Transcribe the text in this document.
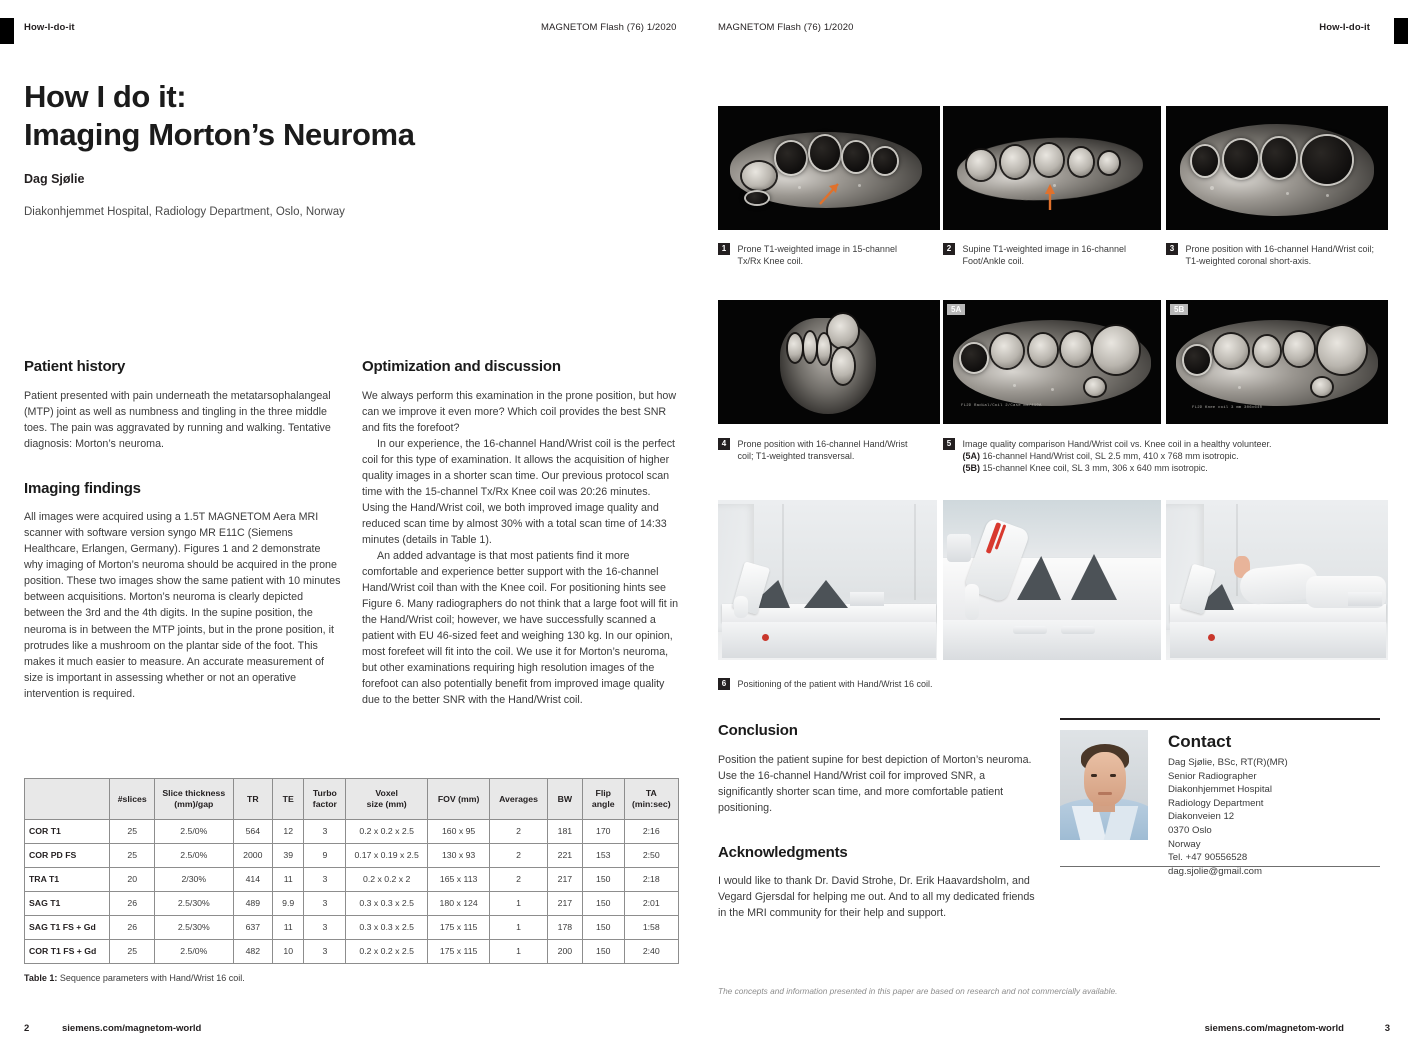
How-I-do-it	MAGNETOM Flash (76) 1/2020
How I do it:
Imaging Morton’s Neuroma
Dag Sjølie
Diakonhjemmet Hospital, Radiology Department, Oslo, Norway
Patient history

Patient presented with pain underneath the metatarsophalangeal (MTP) joint as well as numbness and tingling in the three middle toes. The pain was aggravated by running and walking. Tentative diagnosis: Morton’s neuroma.

Imaging findings

All images were acquired using a 1.5T MAGNETOM Aera MRI scanner with software version syngo MR E11C (Siemens Healthcare, Erlangen, Germany). Figures 1 and 2 demonstrate why imaging of Morton’s neuroma should be acquired in the prone position. These two images show the same patient with 10 minutes between acquisitions. Morton’s neuroma is clearly depicted between the 3rd and the 4th digits. In the supine position, the neuroma is in between the MTP joints, but in the prone position, it protrudes like a mushroom on the plantar side of the foot. This makes it much easier to measure. An accurate measurement of size is important in assessing whether or not an operative intervention is required.

Optimization and discussion

We always perform this examination in the prone position, but how can we improve it even more? Which coil provides the best SNR and fits the forefoot?

In our experience, the 16-channel Hand/Wrist coil is the perfect coil for this type of examination. It allows the acquisition of higher quality images in a shorter scan time. Our previous protocol scan time with the 15-channel Tx/Rx Knee coil was 20:26 minutes. Using the Hand/Wrist coil, we both improved image quality and reduced scan time by almost 30% with a total scan time of 14:33 minutes (details in Table 1).

An added advantage is that most patients find it more comfortable and experience better support with the 16-channel Hand/Wrist coil than with the Knee coil. For positioning hints see Figure 6. Many radiographers do not think that a large foot will fit in the Hand/Wrist coil; however, we have successfully scanned a patient with EU 46-sized feet and weighing 130 kg. In our opinion, most forefeet will fit into the coil. We use it for Morton’s neuroma, but other examinations requiring high resolution images of the forefoot can also potentially benefit from improved image quality due to the better SNR with the Hand/Wrist coil.

	#slices	Slice thickness
(mm)/gap	TR	TE	Turbo
factor	Voxel
size (mm)	FOV (mm)	Averages	BW	Flip
angle	TA
(min:sec)
COR T1	25	2.5/0%	564	12	3	0.2 x 0.2 x 2.5	160 x 95	2	181	170	2:16
COR PD FS	25	2.5/0%	2000	39	9	0.17 x 0.19 x 2.5	130 x 93	2	221	153	2:50
TRA T1	20	2/30%	414	11	3	0.2 x 0.2 x 2	165 x 113	2	217	150	2:18
SAG T1	26	2.5/30%	489	9.9	3	0.3 x 0.3 x 2.5	180 x 124	1	217	150	2:01
SAG T1 FS + Gd	26	2.5/30%	637	11	3	0.3 x 0.3 x 2.5	175 x 115	1	178	150	1:58
COR T1 FS + Gd	25	2.5/0%	482	10	3	0.2 x 0.2 x 2.5	175 x 115	1	200	150	2:40
Table 1: Sequence parameters with Hand/Wrist 16 coil.
2	siemens.com/magnetom-world
MAGNETOM Flash (76) 1/2020	How-I-do-it
1 Prone T1-weighted image in 15-channel Tx/Rx Knee coil.
2 Supine T1-weighted image in 16-channel Foot/Ankle coil.
3 Prone position with 16-channel Hand/Wrist coil; T1-weighted coronal short-axis.
4 Prone position with 16-channel Hand/Wrist coil; T1-weighted transversal.
FL2D Radial/Coil 2/Case mm/410A
5A
FL2D Knee coil 3 mm 306x640
5B
5 Image quality comparison Hand/Wrist coil vs. Knee coil in a healthy volunteer.
(5A) 16-channel Hand/Wrist coil, SL 2.5 mm, 410 x 768 mm isotropic.
(5B) 15-channel Knee coil, SL 3 mm, 306 x 640 mm isotropic.
6 Positioning of the patient with Hand/Wrist 16 coil.
Conclusion

Position the patient supine for best depiction of Morton’s neuroma. Use the 16-channel Hand/Wrist coil for improved SNR, a significantly shorter scan time, and more comfortable patient positioning.

Acknowledgments

I would like to thank Dr. David Strohe, Dr. Erik Haavardsholm, and Vegard Gjersdal for helping me out. And to all my dedicated friends in the MRI community for their help and support.

siemens.com/magnetom-world	3
Contact
Dag Sjølie, BSc, RT(R)(MR)
Senior Radiographer
Diakonhjemmet Hospital
Radiology Department
Diakonveien 12
0370 Oslo
Norway
Tel. +47 90556528
dag.sjolie@gmail.com
The concepts and information presented in this paper are based on research and not commercially available.
